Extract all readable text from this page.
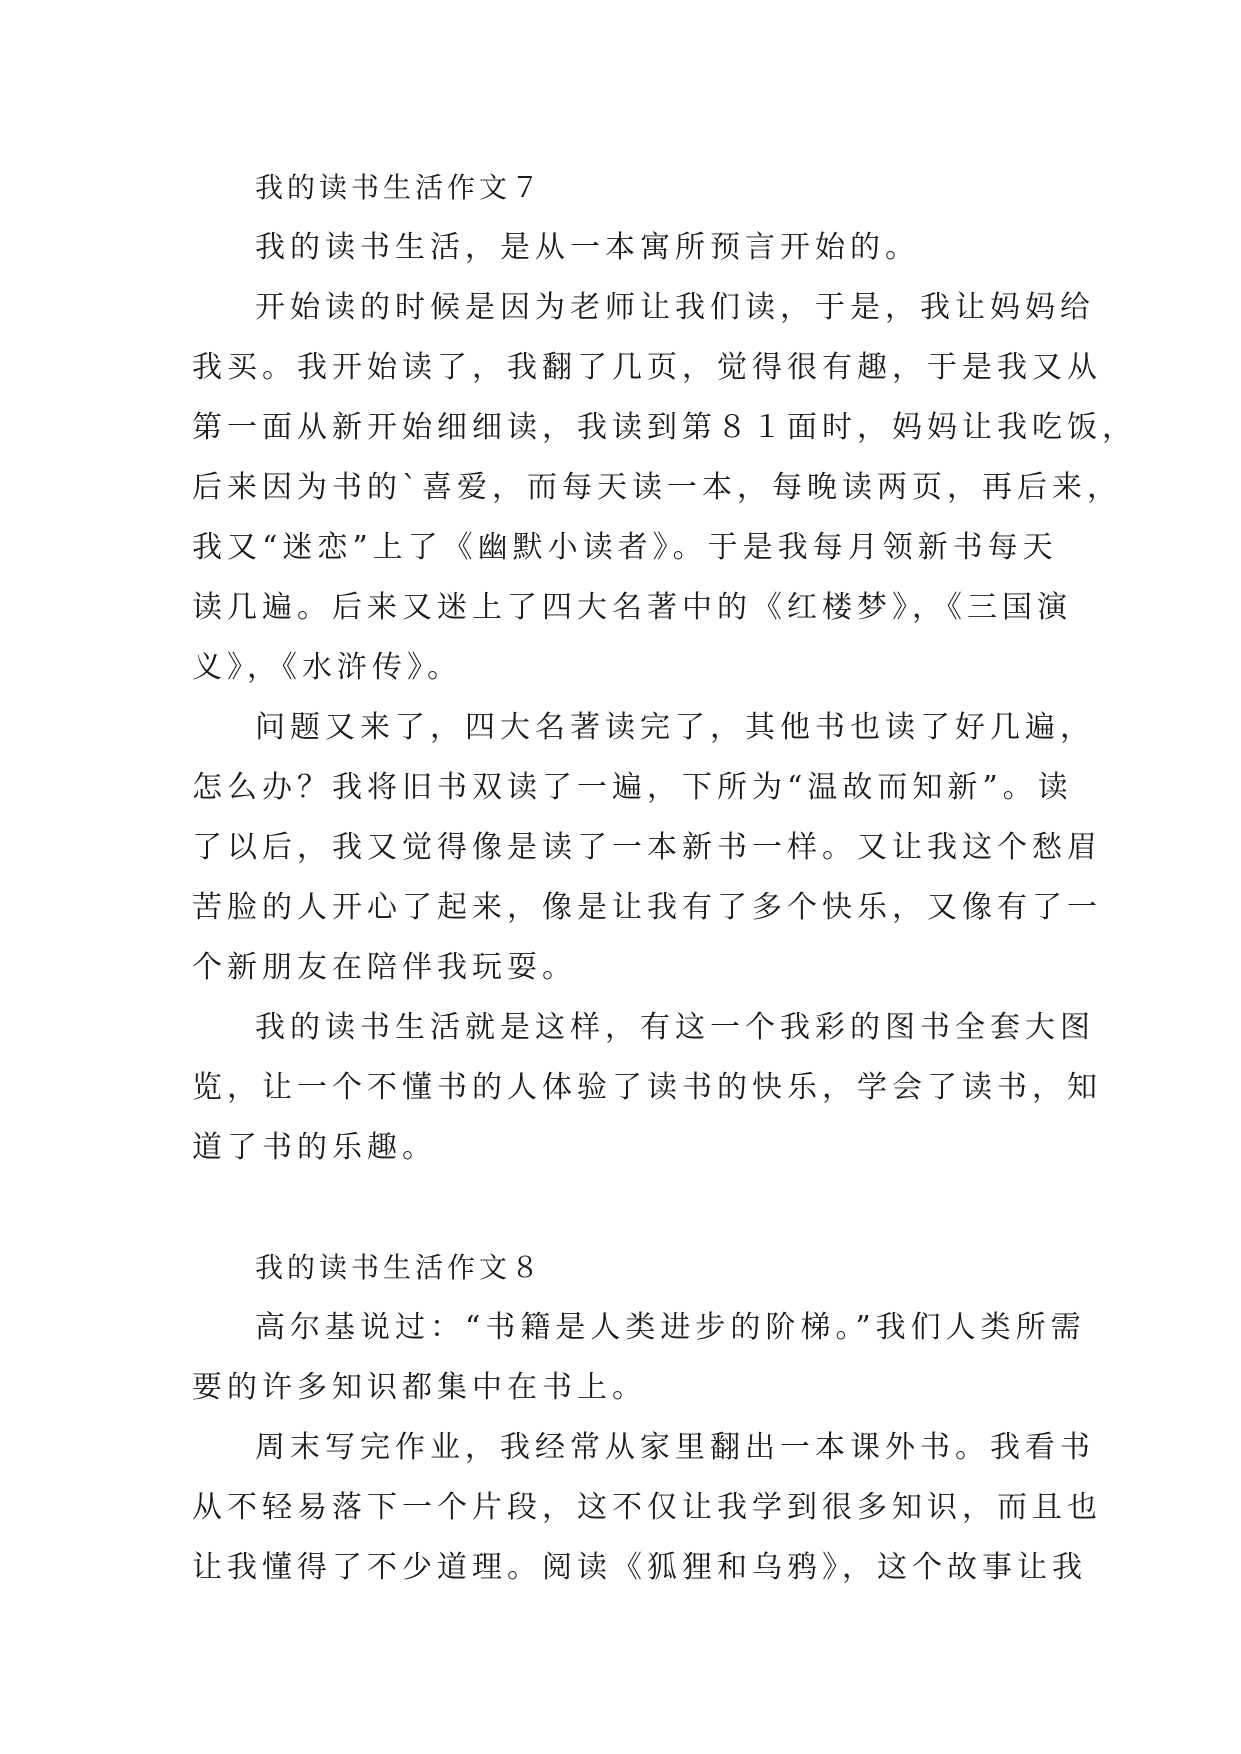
我的读书生活作文７
我的读书生活，是从一本寓所预言开始的。
开始读的时候是因为老师让我们读，于是，我让妈妈给
我买。我开始读了，我翻了几页，觉得很有趣，于是我又从
第一面从新开始细细读，我读到第８１面时，妈妈让我吃饭，
后来因为书的`喜爱，而每天读一本，每晚读两页，再后来，
我又“迷恋”上了《幽默小读者》。于是我每月领新书每天
读几遍。后来又迷上了四大名著中的《红楼梦》，《三国演
义》，《水浒传》。
问题又来了，四大名著读完了，其他书也读了好几遍，
怎么办？我将旧书双读了一遍，下所为“温故而知新”。读
了以后，我又觉得像是读了一本新书一样。又让我这个愁眉
苦脸的人开心了起来，像是让我有了多个快乐，又像有了一
个新朋友在陪伴我玩耍。
我的读书生活就是这样，有这一个我彩的图书全套大图
览，让一个不懂书的人体验了读书的快乐，学会了读书，知
道了书的乐趣。
我的读书生活作文８
高尔基说过：“书籍是人类进步的阶梯。”我们人类所需
要的许多知识都集中在书上。
周末写完作业，我经常从家里翻出一本课外书。我看书
从不轻易落下一个片段，这不仅让我学到很多知识，而且也
让我懂得了不少道理。阅读《狐狸和乌鸦》，这个故事让我
